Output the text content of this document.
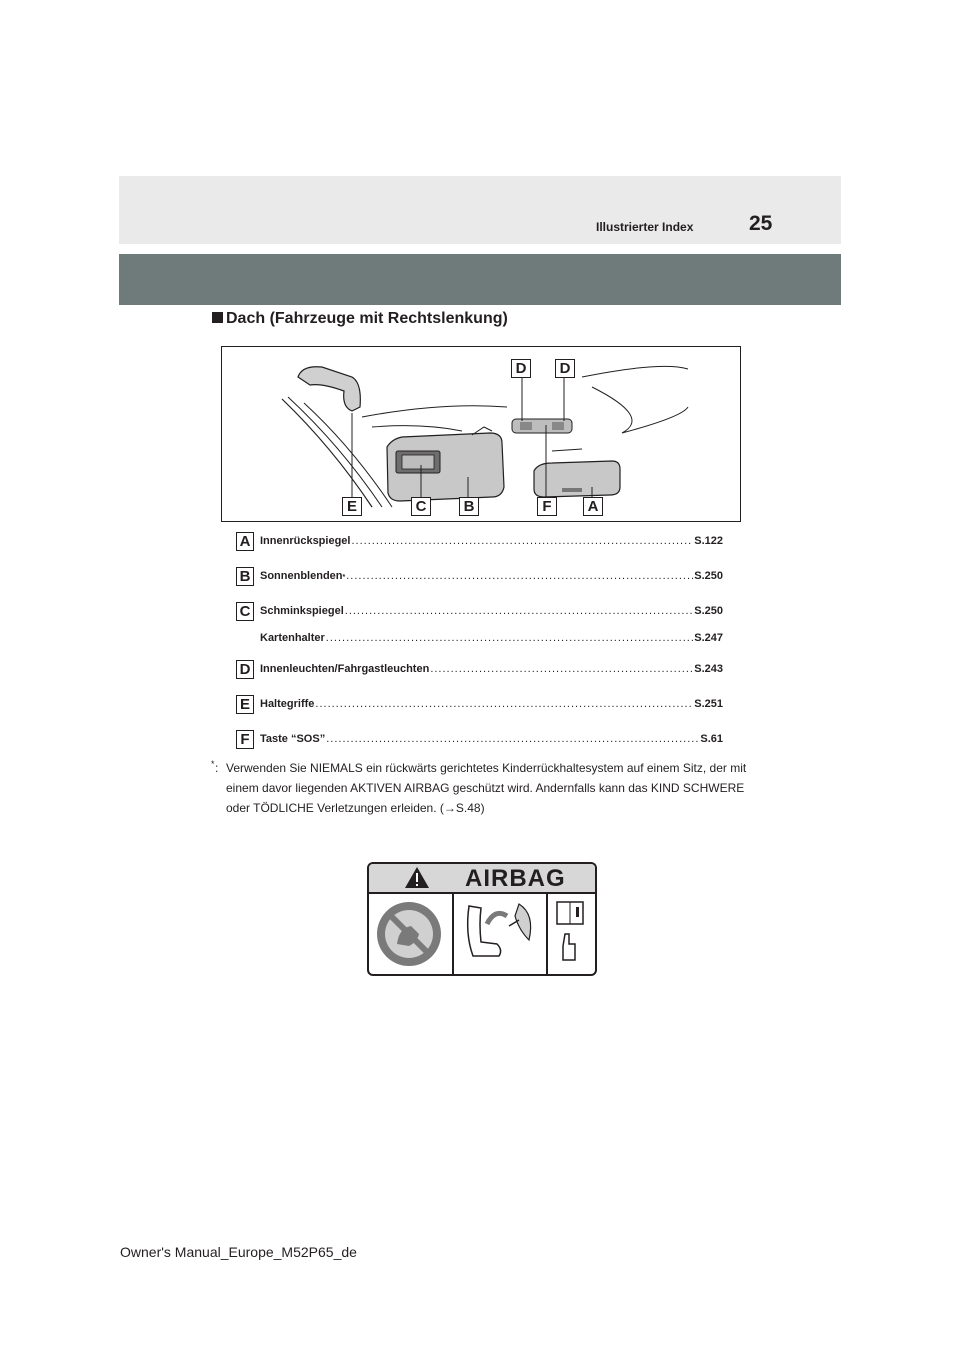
Illustrierter Index	25
Dach (Fahrzeuge mit Rechtslenkung)
D	D
E	C	B	F	A
A Innenrückspiegel .....	S.122
B Sonnenblenden * .....	S.250
C Schminkspiegel .....	S.250
Kartenhalter .....	S.247
D Innenleuchten/Fahrgastleuchten .....	S.243
E Haltegriffe .....	S.251
F Taste “SOS” .....	S.61
* : Verwenden Sie NIEMALS ein rückwärts gerichtetes Kinderrückhaltesystem auf einem Sitz, der mit einem davor liegenden AKTIVEN AIRBAG geschützt wird. Andernfalls kann das KIND SCHWERE oder TÖDLICHE Verletzungen erleiden. (→S.48)
AIRBAG
Owner's Manual_Europe_M52P65_de
